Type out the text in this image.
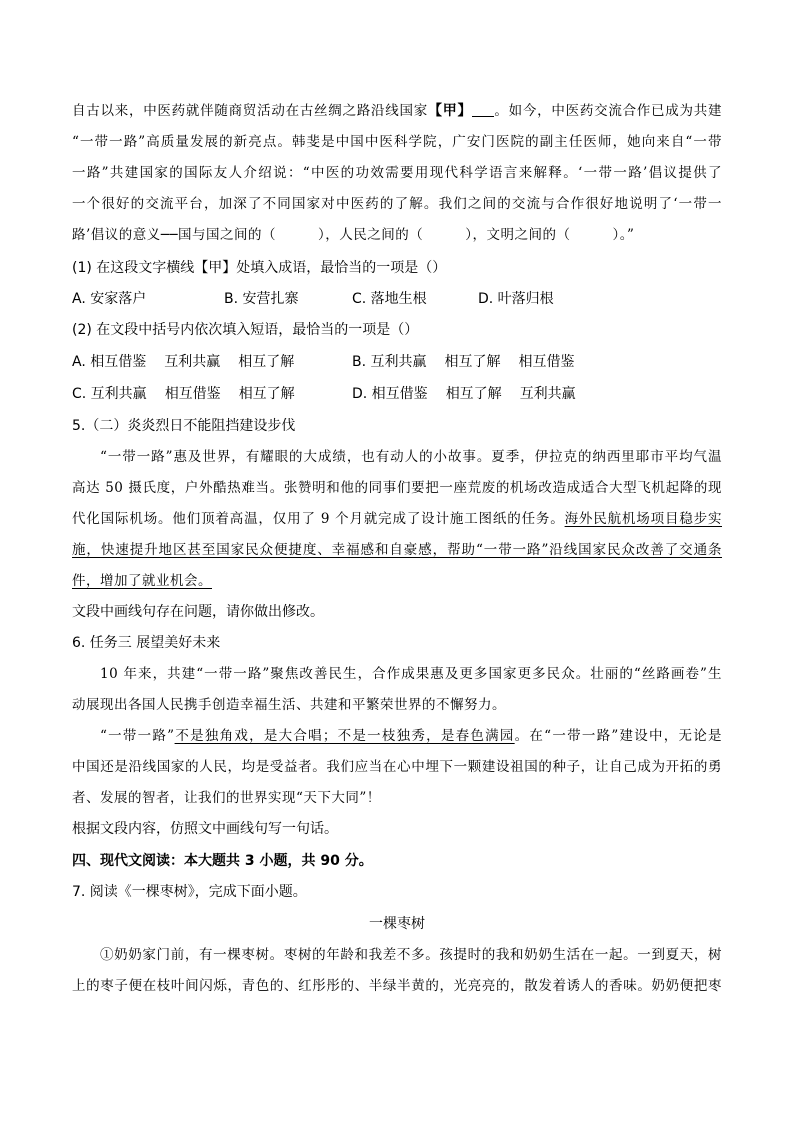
自古以来，中医药就伴随商贸活动在古丝绸之路沿线国家【甲】 。如今，中医药交流合作已成为共建
“一带一路”高质量发展的新亮点。韩斐是中国中医科学院，广安门医院的副主任医师，她向来自“一带
一路”共建国家的国际友人介绍说：“中医的功效需要用现代科学语言来解释。‘一带一路’倡议提供了
一个很好的交流平台，加深了不同国家对中医药的了解。我们之间的交流与合作很好地说明了‘一带一
路’倡议的意义──国与国之间的（　　　），人民之间的（　　　），文明之间的（　　　）。”
(1) 在这段文字横线【甲】处填入成语，最恰当的一项是（）
A. 安家落户	B. 安营扎寨	C. 落地生根	D. 叶落归根
(2) 在文段中括号内依次填入短语，最恰当的一项是（）
A. 相互借鉴 互利共赢 相互了解	B. 互利共赢 相互了解 相互借鉴
C. 互利共赢 相互借鉴 相互了解	D. 相互借鉴 相互了解 互利共赢
5.（二）炎炎烈日不能阻挡建设步伐
“一带一路”惠及世界，有耀眼的大成绩，也有动人的小故事。夏季，伊拉克的纳西里耶市平均气温
高达 50 摄氏度，户外酷热难当。张赞明和他的同事们要把一座荒废的机场改造成适合大型飞机起降的现
代化国际机场。他们顶着高温，仅用了 9 个月就完成了设计施工图纸的任务。海外民航机场项目稳步实
施，快速提升地区甚至国家民众便捷度、幸福感和自豪感，帮助“一带一路”沿线国家民众改善了交通条
件，增加了就业机会。
文段中画线句存在问题，请你做出修改。
6. 任务三 展望美好未来
10 年来，共建“一带一路”聚焦改善民生，合作成果惠及更多国家更多民众。壮丽的“丝路画卷”生
动展现出各国人民携手创造幸福生活、共建和平繁荣世界的不懈努力。
“一带一路”不是独角戏，是大合唱；不是一枝独秀，是春色满园。在“一带一路”建设中，无论是
中国还是沿线国家的人民，均是受益者。我们应当在心中埋下一颗建设祖国的种子，让自己成为开拓的勇
者、发展的智者，让我们的世界实现“天下大同”！
根据文段内容，仿照文中画线句写一句话。
四、现代文阅读：本大题共 3 小题，共 90 分。
7. 阅读《一棵枣树》，完成下面小题。
一棵枣树
①奶奶家门前，有一棵枣树。枣树的年龄和我差不多。孩提时的我和奶奶生活在一起。一到夏天，树
上的枣子便在枝叶间闪烁，青色的、红彤彤的、半绿半黄的，光亮亮的，散发着诱人的香味。奶奶便把枣
